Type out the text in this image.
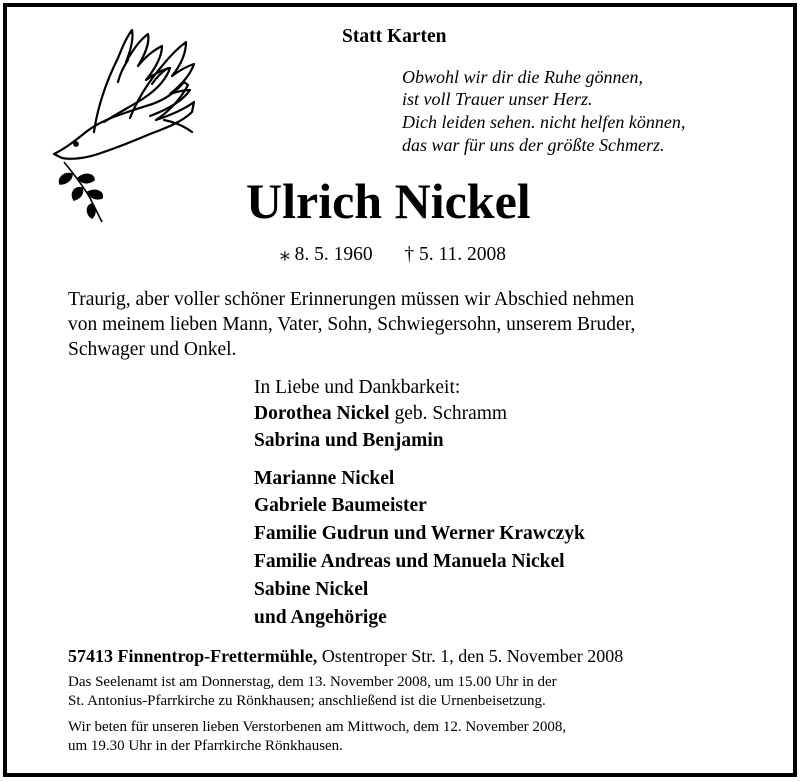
Statt Karten
Obwohl wir dir die Ruhe gönnen,
ist voll Trauer unser Herz.
Dich leiden sehen. nicht helfen können,
das war für uns der größte Schmerz.
Ulrich Nickel
⁎ 8. 5. 1960 † 5. 11. 2008
Traurig, aber voller schöner Erinnerungen müssen wir Abschied nehmen
von meinem lieben Mann, Vater, Sohn, Schwiegersohn, unserem Bruder,
Schwager und Onkel.
In Liebe und Dankbarkeit:
Dorothea Nickel geb. Schramm
Sabrina und Benjamin
Marianne Nickel
Gabriele Baumeister
Familie Gudrun und Werner Krawczyk
Familie Andreas und Manuela Nickel
Sabine Nickel
und Angehörige
57413 Finnentrop-Frettermühle, Ostentroper Str. 1, den 5. November 2008
Das Seelenamt ist am Donnerstag, dem 13. November 2008, um 15.00 Uhr in der
St. Antonius-Pfarrkirche zu Rönkhausen; anschließend ist die Urnenbeisetzung.
Wir beten für unseren lieben Verstorbenen am Mittwoch, dem 12. November 2008,
um 19.30 Uhr in der Pfarrkirche Rönkhausen.
